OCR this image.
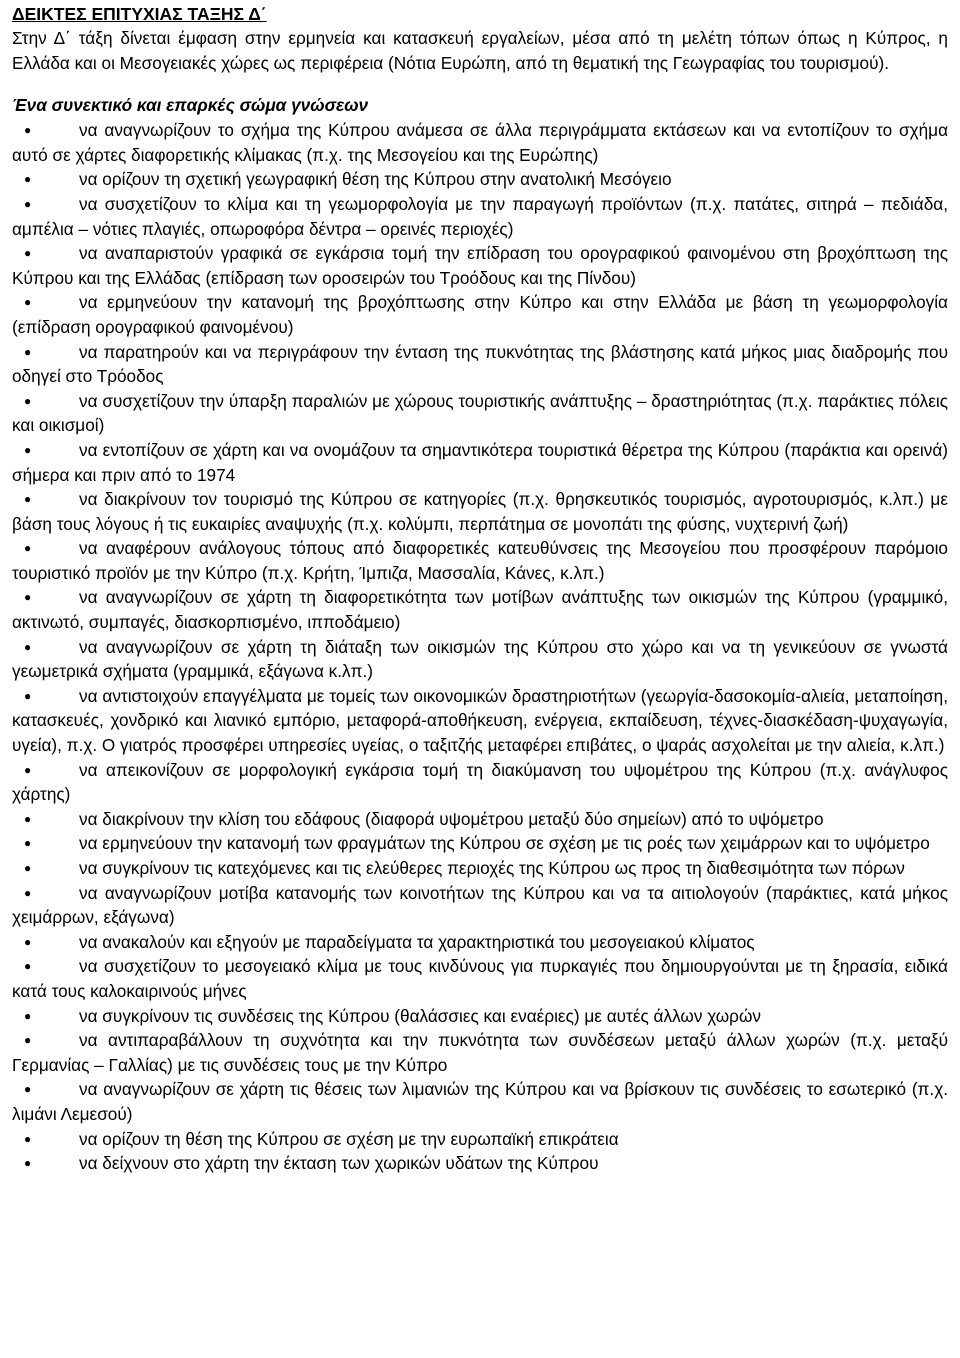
ΔΕΙΚΤΕΣ ΕΠΙΤΥΧΙΑΣ ΤΑΞΗΣ Δ΄

Στην Δ΄ τάξη δίνεται έμφαση στην ερμηνεία και κατασκευή εργαλείων, μέσα από τη μελέτη τόπων όπως η Κύπρος, η Ελλάδα και οι Μεσογειακές χώρες ως περιφέρεια (Νότια Ευρώπη, από τη θεματική της Γεωγραφίας του τουρισμού).

Ένα συνεκτικό και επαρκές σώμα γνώσεων

●	να αναγνωρίζουν το σχήμα της Κύπρου ανάμεσα σε άλλα περιγράμματα εκτάσεων και να εντοπίζουν το σχήμα αυτό σε χάρτες διαφορετικής κλίμακας (π.χ. της Μεσογείου και της Ευρώπης)
●	να ορίζουν τη σχετική γεωγραφική θέση της Κύπρου στην ανατολική Μεσόγειο
●	να συσχετίζουν το κλίμα και τη γεωμορφολογία με την παραγωγή προϊόντων (π.χ. πατάτες, σιτηρά – πεδιάδα, αμπέλια – νότιες πλαγιές, οπωροφόρα δέντρα – ορεινές περιοχές)
●	να αναπαριστούν γραφικά σε εγκάρσια τομή την επίδραση του ορογραφικού φαινομένου στη βροχόπτωση της Κύπρου και της Ελλάδας (επίδραση των οροσειρών του Τροόδους και της Πίνδου)
●	να ερμηνεύουν την κατανομή της βροχόπτωσης στην Κύπρο και στην Ελλάδα με βάση τη γεωμορφολογία (επίδραση ορογραφικού φαινομένου)
●	να παρατηρούν και να περιγράφουν την ένταση της πυκνότητας της βλάστησης κατά μήκος μιας διαδρομής που οδηγεί στο Τρόοδος
●	να συσχετίζουν την ύπαρξη παραλιών με χώρους τουριστικής ανάπτυξης – δραστηριότητας (π.χ. παράκτιες πόλεις και οικισμοί)
●	να εντοπίζουν σε χάρτη και να ονομάζουν τα σημαντικότερα τουριστικά θέρετρα της Κύπρου (παράκτια και ορεινά) σήμερα και πριν από το 1974
●	να διακρίνουν τον τουρισμό της Κύπρου σε κατηγορίες (π.χ. θρησκευτικός τουρισμός, αγροτουρισμός, κ.λπ.) με βάση τους λόγους ή τις ευκαιρίες αναψυχής (π.χ. κολύμπι, περπάτημα σε μονοπάτι της φύσης, νυχτερινή ζωή)
●	να αναφέρουν ανάλογους τόπους από διαφορετικές κατευθύνσεις της Μεσογείου που προσφέρουν παρόμοιο τουριστικό προϊόν με την Κύπρο (π.χ. Κρήτη, Ίμπιζα, Μασσαλία, Κάνες, κ.λπ.)
●	να αναγνωρίζουν σε χάρτη τη διαφορετικότητα των μοτίβων ανάπτυξης των οικισμών της Κύπρου (γραμμικό, ακτινωτό, συμπαγές, διασκορπισμένο, ιπποδάμειο)
●	να αναγνωρίζουν σε χάρτη τη διάταξη των οικισμών της Κύπρου στο χώρο και να τη γενικεύουν σε γνωστά γεωμετρικά σχήματα (γραμμικά, εξάγωνα κ.λπ.)
●	να αντιστοιχούν επαγγέλματα με τομείς των οικονομικών δραστηριοτήτων (γεωργία-δασοκομία-αλιεία, μεταποίηση, κατασκευές, χονδρικό και λιανικό εμπόριο, μεταφορά-αποθήκευση, ενέργεια, εκπαίδευση, τέχνες-διασκέδαση-ψυχαγωγία, υγεία), π.χ. Ο γιατρός προσφέρει υπηρεσίες υγείας, ο ταξιτζής μεταφέρει επιβάτες, ο ψαράς ασχολείται με την αλιεία, κ.λπ.)
●	να απεικονίζουν σε μορφολογική εγκάρσια τομή τη διακύμανση του υψομέτρου της Κύπρου (π.χ. ανάγλυφος χάρτης)
●	να διακρίνουν την κλίση του εδάφους (διαφορά υψομέτρου μεταξύ δύο σημείων) από το υψόμετρο
●	να ερμηνεύουν την κατανομή των φραγμάτων της Κύπρου σε σχέση με τις ροές των χειμάρρων και το υψόμετρο
●	να συγκρίνουν τις κατεχόμενες και τις ελεύθερες περιοχές της Κύπρου ως προς τη διαθεσιμότητα των πόρων
●	να αναγνωρίζουν μοτίβα κατανομής των κοινοτήτων της Κύπρου και να τα αιτιολογούν (παράκτιες, κατά μήκος χειμάρρων, εξάγωνα)
●	να ανακαλούν και εξηγούν με παραδείγματα τα χαρακτηριστικά του μεσογειακού κλίματος
●	να συσχετίζουν το μεσογειακό κλίμα με τους κινδύνους για πυρκαγιές που δημιουργούνται με τη ξηρασία, ειδικά κατά τους καλοκαιρινούς μήνες
●	να συγκρίνουν τις συνδέσεις της Κύπρου (θαλάσσιες και εναέριες) με αυτές άλλων χωρών
●	να αντιπαραβάλλουν τη συχνότητα και την πυκνότητα των συνδέσεων μεταξύ άλλων χωρών (π.χ. μεταξύ Γερμανίας – Γαλλίας) με τις συνδέσεις τους με την Κύπρο
●	να αναγνωρίζουν σε χάρτη τις θέσεις των λιμανιών της Κύπρου και να βρίσκουν τις συνδέσεις το εσωτερικό (π.χ. λιμάνι Λεμεσού)
●	να ορίζουν τη θέση της Κύπρου σε σχέση με την ευρωπαϊκή επικράτεια
●	να δείχνουν στο χάρτη την έκταση των χωρικών υδάτων της Κύπρου
